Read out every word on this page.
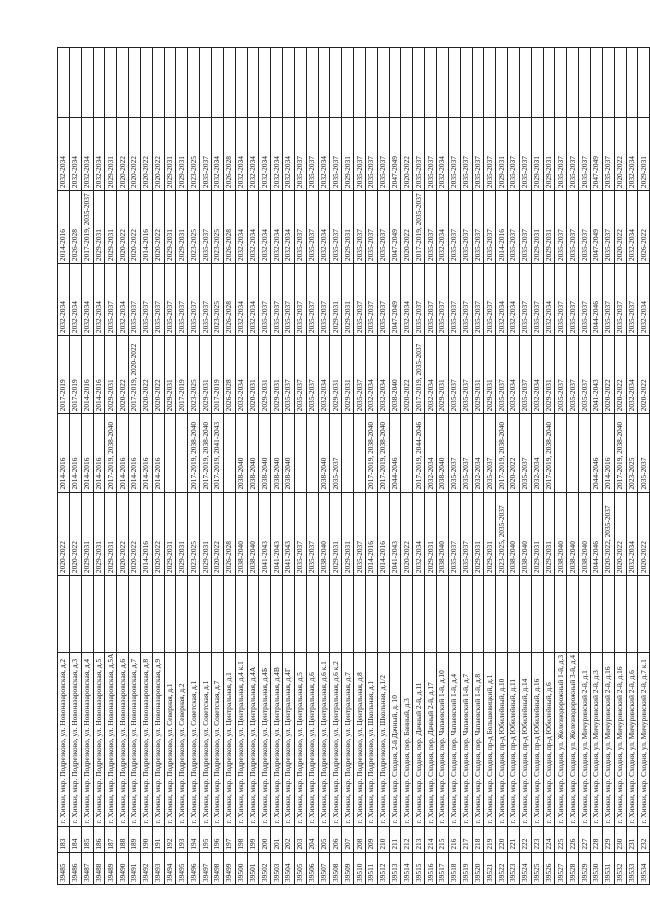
39485	183	г. Химки, мкр. Подрезково, ул. Новоназаровская, д.2		2020-2022	2014-2016	2017-2019	2032-2034	2014-2016	2032-2034	
39486	184	г. Химки, мкр. Подрезково, ул. Новоназаровская, д.3		2020-2022	2014-2016	2017-2019	2032-2034	2026-2028	2032-2034	
39487	185	г. Химки, мкр. Подрезково, ул. Новоназаровская, д.4		2029-2031	2014-2016	2014-2016	2032-2034	2017-2019, 2035-2037	2032-2034	
39488	186	г. Химки, мкр. Подрезково, ул. Новоназаровская, д.5		2029-2031	2014-2016	2014-2016	2032-2034	2029-2031	2032-2034	
39489	187	г. Химки, мкр. Подрезково, ул. Новоназаровская, д.5А		2029-2031	2017-2019, 2038-2040	2029-2031	2035-2037	2029-2031	2029-2031	
39490	188	г. Химки, мкр. Подрезково, ул. Новоназаровская, д.6		2020-2022	2014-2016	2020-2022	2032-2034	2020-2022	2020-2022	
39491	189	г. Химки, мкр. Подрезково, ул. Новоназаровская, д.7		2020-2022	2014-2016	2017-2019, 2020-2022	2035-2037	2020-2022	2020-2022	
39492	190	г. Химки, мкр. Подрезково, ул. Новоназаровская, д.8		2014-2016	2014-2016	2020-2022	2035-2037	2014-2016	2020-2022	
39493	191	г. Химки, мкр. Подрезково, ул. Новоназаровская, д.9		2020-2022	2014-2016	2020-2022	2035-2037	2020-2022	2020-2022	
39494	192	г. Химки, мкр. Подрезково, ул. Северная, д.1		2029-2031		2029-2031	2035-2037	2029-2031	2029-2031	
39495	193	г. Химки, мкр. Подрезково, ул. Северная, д.2		2029-2031		2017-2019	2035-2037	2029-2031	2029-2031	
39496	194	г. Химки, мкр. Подрезково, ул. Советская, д.1		2023-2025	2017-2019, 2038-2040	2023-2025	2035-2037	2023-2025	2023-2025	
39497	195	г. Химки, мкр. Подрезково, ул. Советская, д.1		2029-2031	2017-2019, 2038-2040	2029-2031	2035-2037	2035-2037	2035-2037	
39498	196	г. Химки, мкр. Подрезково, ул. Советская, д.7		2020-2022	2017-2019, 2041-2043	2017-2019	2023-2025	2023-2025	2032-2034	
39499	197	г. Химки, мкр. Подрезково, ул. Центральная, д.1		2026-2028		2026-2028	2026-2028	2026-2028	2026-2028	
39500	198	г. Химки, мкр. Подрезково, ул. Центральная, д.4 к.1		2038-2040	2038-2040	2032-2034	2032-2034	2032-2034	2032-2034	
39501	199	г. Химки, мкр. Подрезково, ул. Центральная, д.4А		2038-2040	2038-2040	2020-2031	2032-2034	2032-2034	2032-2034	
39502	200	г. Химки, мкр. Подрезково, ул. Центральная, д.4Б		2041-2043	2038-2040	2029-2031	2035-2037	2032-2034	2032-2034	
39503	201	г. Химки, мкр. Подрезково, ул. Центральная, д.4В		2041-2043	2038-2040	2029-2031	2035-2037	2032-2034	2032-2034	
39504	202	г. Химки, мкр. Подрезково, ул. Центральная, д.4Г		2041-2043	2038-2040	2035-2037	2035-2037	2032-2034	2032-2034	
39505	203	г. Химки, мкр. Подрезково, ул. Центральная, д.5		2035-2037		2035-2037	2035-2037	2035-2037	2035-2037	
39506	204	г. Химки, мкр. Подрезково, ул. Центральная, д.6		2035-2037		2035-2037	2035-2037	2035-2037	2035-2037	
39507	205	г. Химки, мкр. Подрезково, ул. Центральная, д.6 к.1		2038-2040	2038-2040	2032-2034	2035-2037	2032-2034	2032-2034	
39508	206	г. Химки, мкр. Подрезково, ул. Центральная, д.6 к.2		2029-2031	2035-2037	2029-2031	2029-2031	2035-2037	2035-2037	
39509	207	г. Химки, мкр. Подрезково, ул. Центральная, д.7		2029-2031		2029-2031	2029-2031	2029-2031	2029-2031	
39510	208	г. Химки, мкр. Подрезково, ул. Центральная, д.8		2035-2037		2035-2037	2035-2037	2035-2037	2035-2037	
39511	209	г. Химки, мкр. Подрезково, ул. Школьная, д.1		2014-2016	2017-2019, 2038-2040	2032-2034	2035-2037	2035-2037	2035-2037	
39512	210	г. Химки, мкр. Подрезково, ул. Школьная, д.1/2		2014-2016	2017-2019, 2038-2040	2032-2034	2035-2037	2035-2037	2035-2037	
39513	211	г. Химки, мкр. Сходня, 2-й Дачный, д. 10		2041-2043	2044-2046	2038-2040	2047-2049	2047-2049	2047-2049	
39514	212	г. Химки, мкр. Сходня, пер. Банный, д.3		2020-2022		2020-2022	2032-2034	2020-2022	2020-2022	
39515	213	г. Химки, мкр. Сходня, пер. Дачный 2-й, д.11		2032-2034	2017-2019, 2044-2046	2017-2019, 2035-2037	2035-2037	2017-2019, 2035-2037	2035-2037	
39516	214	г. Химки, мкр. Сходня, пер. Дачный 2-й, д.17		2029-2031	2032-2034	2032-2034	2035-2037	2035-2037	2035-2037	
39517	215	г. Химки, мкр. Сходня, пер. Чапаевский 1-й, д.10		2038-2040	2038-2040	2029-2031	2035-2037	2032-2034	2032-2034	
39518	216	г. Химки, мкр. Сходня, пер. Чапаевский 1-й, д.4		2035-2037	2035-2037	2035-2037	2035-2037	2035-2037	2035-2037	
39519	217	г. Химки, мкр. Сходня, пер. Чапаевский 1-й, д.7		2035-2037	2035-2037	2035-2037	2035-2037	2035-2037	2035-2037	
39520	218	г. Химки, мкр. Сходня, пер. Чапаевский 1-й, д.8		2029-2031	2032-2034	2029-2031	2035-2037	2035-2037	2035-2037	
39521	219	г. Химки, мкр. Сходня, пр-д Большевицкий, д.1		2029-2031	2035-2037	2029-2031	2035-2037	2035-2037	2035-2037	
39522	220	г. Химки, мкр. Сходня, пр-д Юбилейный, д.10		2023-2025, 2035-2037	2017-2019, 2038-2040	2035-2037	2032-2034	2014-2016	2029-2031	
39523	221	г. Химки, мкр. Сходня, пр-д Юбилейный, д.11		2038-2040	2020-2022	2032-2034	2032-2034	2035-2037	2035-2037	
39524	222	г. Химки, мкр. Сходня, пр-д Юбилейный, д.14		2038-2040	2035-2037	2035-2037	2035-2037	2035-2037	2035-2037	
39525	223	г. Химки, мкр. Сходня, пр-д Юбилейный, д.16		2029-2031	2032-2034	2032-2034	2035-2037	2029-2031	2029-2031	
39526	224	г. Химки, мкр. Сходня, пр-д Юбилейный, д.6		2029-2031	2017-2019, 2038-2040	2029-2031	2032-2034	2029-2031	2029-2031	
39527	225	г. Химки, мкр. Сходня, ул. Железнодорожный 1-й, д.3		2038-2040		2035-2037	2035-2037	2035-2037	2035-2037	
39528	226	г. Химки, мкр. Сходня, ул. Железнодорожный 3-й, д.4		2038-2040		2035-2037	2035-2037	2035-2037	2035-2037	
39529	227	г. Химки, мкр. Сходня, ул. Мичуринский 2-й, д.1		2038-2040		2035-2037	2035-2037	2035-2037	2035-2037	
39530	228	г. Химки, мкр. Сходня, ул. Мичуринский 2-й, д.3		2044-2046	2044-2046	2041-2043	2044-2046	2047-2049	2047-2049	
39531	229	г. Химки, мкр. Сходня, ул. Мичуринский 2-й, д.16		2020-2022, 2035-2037	2014-2016	2020-2022	2035-2037	2035-2037	2035-2037	
39532	230	г. Химки, мкр. Сходня, ул. Мичуринский 2-й, д.16		2020-2022	2017-2019, 2038-2040	2020-2022	2035-2037	2020-2022	2020-2022	
39533	231	г. Химки, мкр. Сходня, ул. Мичуринский 2-й, д.6		2032-2034	2023-2025	2032-2034	2035-2037	2032-2034	2032-2034	
39534	232	г. Химки, мкр. Сходня, ул. Мичуринский 2-й, д.7 к.1		2020-2022	2035-2037	2020-2022	2032-2034	2026-2022	2029-2031	
